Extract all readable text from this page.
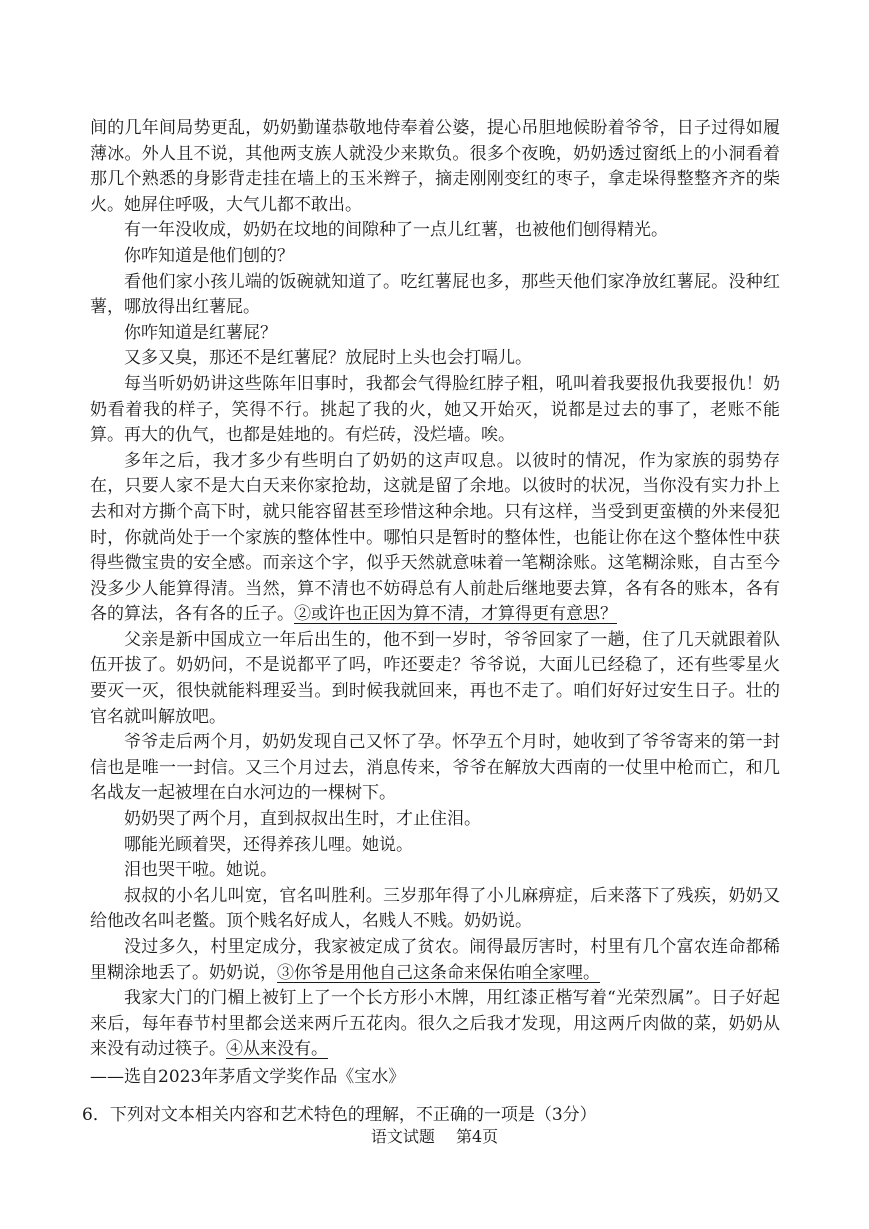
间的几年间局势更乱，奶奶勤谨恭敬地侍奉着公婆，提心吊胆地候盼着爷爷，日子过得如履薄冰。外人且不说，其他两支族人就没少来欺负。很多个夜晚，奶奶透过窗纸上的小洞看着那几个熟悉的身影背走挂在墙上的玉米辫子，摘走刚刚变红的枣子，拿走垛得整整齐齐的柴火。她屏住呼吸，大气儿都不敢出。

有一年没收成，奶奶在坟地的间隙种了一点儿红薯，也被他们刨得精光。

你咋知道是他们刨的？

看他们家小孩儿端的饭碗就知道了。吃红薯屁也多，那些天他们家净放红薯屁。没种红薯，哪放得出红薯屁。

你咋知道是红薯屁？

又多又臭，那还不是红薯屁？放屁时上头也会打嗝儿。

每当听奶奶讲这些陈年旧事时，我都会气得脸红脖子粗，吼叫着我要报仇我要报仇！奶奶看着我的样子，笑得不行。挑起了我的火，她又开始灭，说都是过去的事了，老账不能算。再大的仇气，也都是娃地的。有烂砖，没烂墙。唉。

多年之后，我才多少有些明白了奶奶的这声叹息。以彼时的情况，作为家族的弱势存在，只要人家不是大白天来你家抢劫，这就是留了余地。以彼时的状况，当你没有实力扑上去和对方撕个高下时，就只能容留甚至珍惜这种余地。只有这样，当受到更蛮横的外来侵犯时，你就尚处于一个家族的整体性中。哪怕只是暂时的整体性，也能让你在这个整体性中获得些微宝贵的安全感。而亲这个字，似乎天然就意味着一笔糊涂账。这笔糊涂账，自古至今没多少人能算得清。当然，算不清也不妨碍总有人前赴后继地要去算，各有各的账本，各有各的算法，各有各的丘子。②或许也正因为算不清，才算得更有意思？

父亲是新中国成立一年后出生的，他不到一岁时，爷爷回家了一趟，住了几天就跟着队伍开拔了。奶奶问，不是说都平了吗，咋还要走？爷爷说，大面儿已经稳了，还有些零星火要灭一灭，很快就能料理妥当。到时候我就回来，再也不走了。咱们好好过安生日子。壮的官名就叫解放吧。

爷爷走后两个月，奶奶发现自己又怀了孕。怀孕五个月时，她收到了爷爷寄来的第一封信也是唯一一封信。又三个月过去，消息传来，爷爷在解放大西南的一仗里中枪而亡，和几名战友一起被埋在白水河边的一棵树下。

奶奶哭了两个月，直到叔叔出生时，才止住泪。

哪能光顾着哭，还得养孩儿哩。她说。

泪也哭干啦。她说。

叔叔的小名儿叫宽，官名叫胜利。三岁那年得了小儿麻痹症，后来落下了残疾，奶奶又给他改名叫老鳖。顶个贱名好成人，名贱人不贱。奶奶说。

没过多久，村里定成分，我家被定成了贫农。闹得最厉害时，村里有几个富农连命都稀里糊涂地丢了。奶奶说，③你爷是用他自己这条命来保佑咱全家哩。

我家大门的门楣上被钉上了一个长方形小木牌，用红漆正楷写着“光荣烈属”。日子好起来后，每年春节村里都会送来两斤五花肉。很久之后我才发现，用这两斤肉做的菜，奶奶从来没有动过筷子。④从来没有。

——选自2023年茅盾文学奖作品《宝水》

6．下列对文本相关内容和艺术特色的理解，不正确的一项是（3分）
语文试题 第4页
